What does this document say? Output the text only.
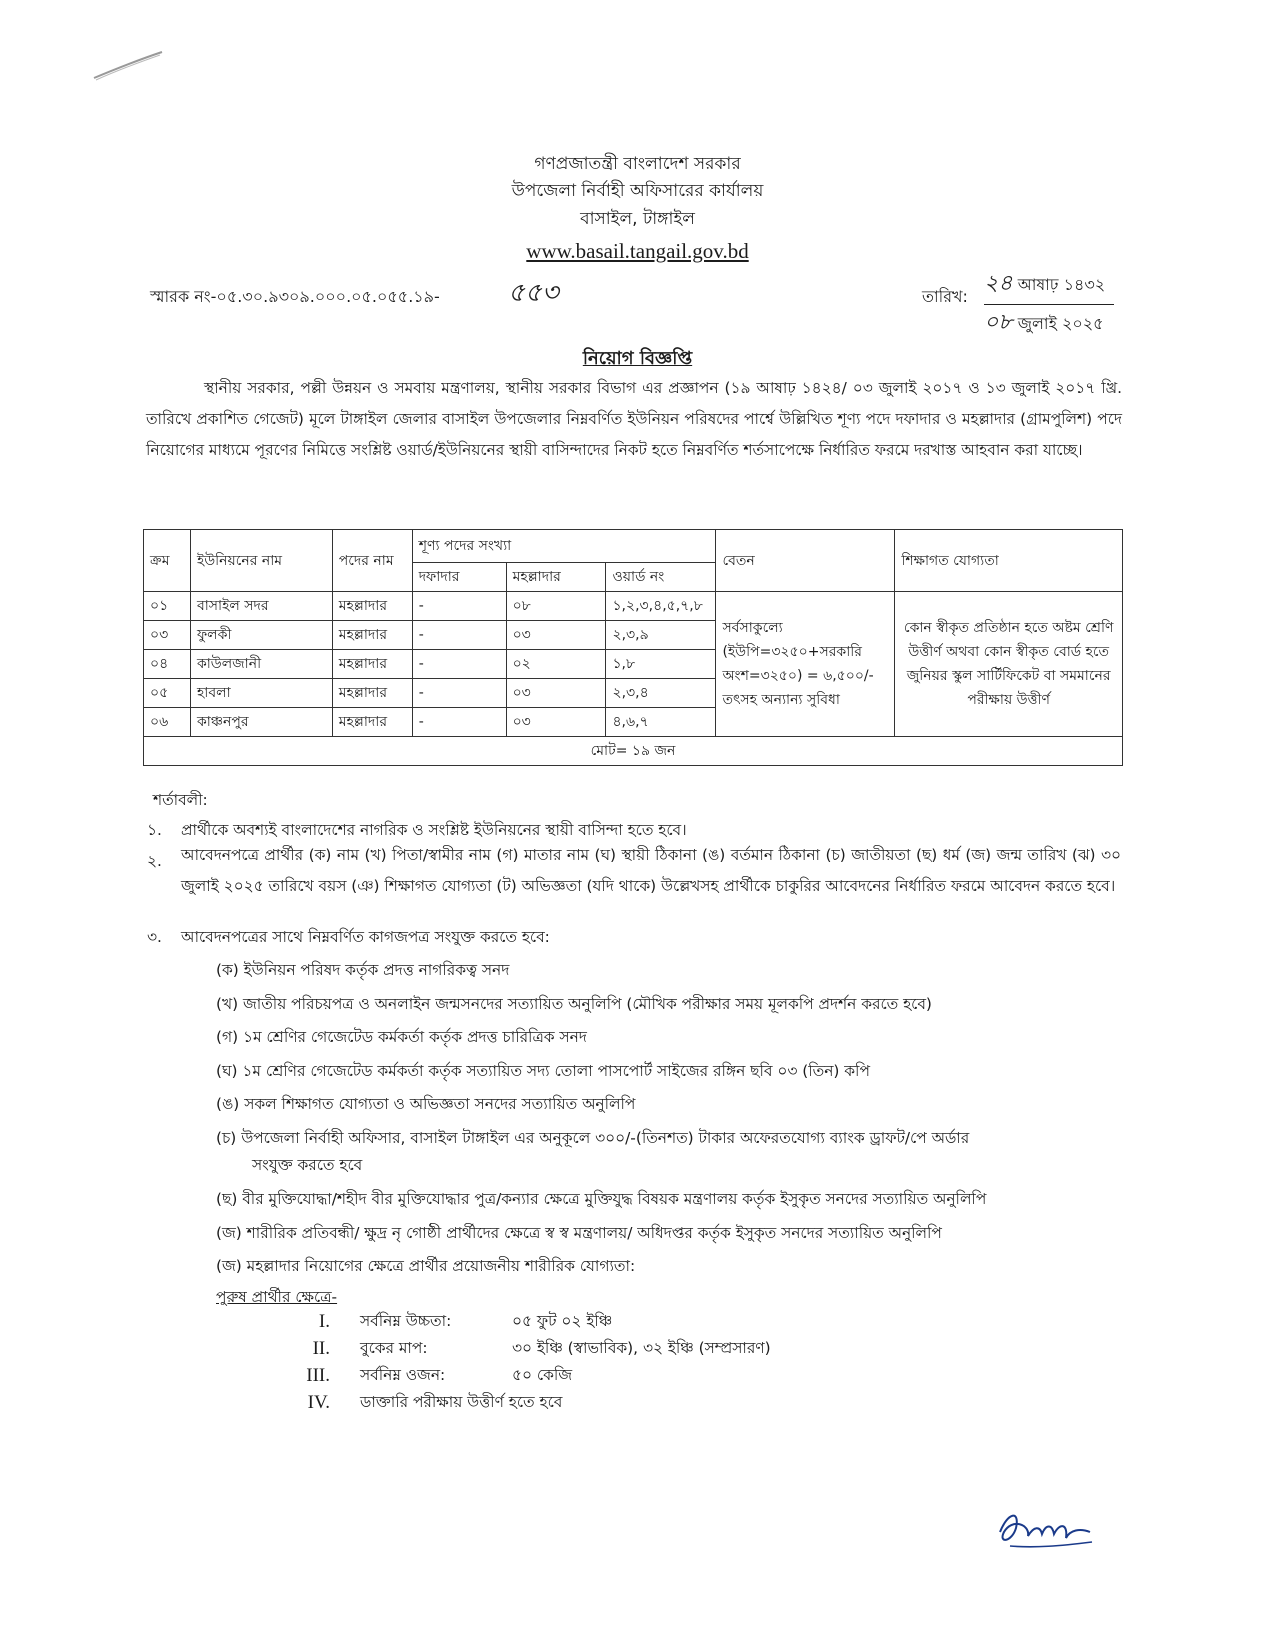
গণপ্রজাতন্ত্রী বাংলাদেশ সরকার
উপজেলা নির্বাহী অফিসারের কার্যালয়
বাসাইল, টাঙ্গাইল
www.basail.tangail.gov.bd
স্মারক নং-০৫.৩০.৯৩০৯.০০০.০৫.০৫৫.১৯-	৫৫৩	তারিখ:
২৪ আষাঢ় ১৪৩২
০৮ জুলাই ২০২৫
নিয়োগ বিজ্ঞপ্তি
স্থানীয় সরকার, পল্লী উন্নয়ন ও সমবায় মন্ত্রণালয়, স্থানীয় সরকার বিভাগ এর প্রজ্ঞাপন (১৯ আষাঢ় ১৪২৪/ ০৩ জুলাই ২০১৭ ও ১৩ জুলাই ২০১৭ খ্রি. তারিখে প্রকাশিত গেজেট) মূলে টাঙ্গাইল জেলার বাসাইল উপজেলার নিম্নবর্ণিত ইউনিয়ন পরিষদের পার্শ্বে উল্লিখিত শূণ্য পদে দফাদার ও মহল্লাদার (গ্রামপুলিশ) পদে নিয়োগের মাধ্যমে পূরণের নিমিত্তে সংশ্লিষ্ট ওয়ার্ড/ইউনিয়নের স্থায়ী বাসিন্দাদের নিকট হতে নিম্নবর্ণিত শর্তসাপেক্ষে নির্ধারিত ফরমে দরখাস্ত আহবান করা যাচ্ছে।
ক্রম	ইউনিয়নের নাম	পদের নাম	শূণ্য পদের সংখ্যা			বেতন	শিক্ষাগত যোগ্যতা
			দফাদার	মহল্লাদার	ওয়ার্ড নং		
০১	বাসাইল সদর	মহল্লাদার	-	০৮	১,২,৩,৪,৫,৭,৮	সর্বসাকুল্যে (ইউপি=৩২৫০+সরকারি অংশ=৩২৫০) = ৬,৫০০/- তৎসহ অন্যান্য সুবিধা	কোন স্বীকৃত প্রতিষ্ঠান হতে অষ্টম শ্রেণি উত্তীর্ণ অথবা কোন স্বীকৃত বোর্ড হতে জুনিয়র স্কুল সার্টিফিকেট বা সমমানের পরীক্ষায় উত্তীর্ণ
০৩	ফুলকী	মহল্লাদার	-	০৩	২,৩,৯		
০৪	কাউলজানী	মহল্লাদার	-	০২	১,৮		
০৫	হাবলা	মহল্লাদার	-	০৩	২,৩,৪		
০৬	কাঞ্চনপুর	মহল্লাদার	-	০৩	৪,৬,৭		
মোট= ১৯ জন							
শর্তাবলী:
১. প্রার্থীকে অবশ্যই বাংলাদেশের নাগরিক ও সংশ্লিষ্ট ইউনিয়নের স্থায়ী বাসিন্দা হতে হবে।
২. আবেদনপত্রে প্রার্থীর (ক) নাম (খ) পিতা/স্বামীর নাম (গ) মাতার নাম (ঘ) স্থায়ী ঠিকানা (ঙ) বর্তমান ঠিকানা (চ) জাতীয়তা (ছ) ধর্ম (জ) জন্ম তারিখ (ঝ) ৩০ জুলাই ২০২৫ তারিখে বয়স (ঞ) শিক্ষাগত যোগ্যতা (ট) অভিজ্ঞতা (যদি থাকে) উল্লেখসহ প্রার্থীকে চাকুরির আবেদনের নির্ধারিত ফরমে আবেদন করতে হবে।
৩. আবেদনপত্রের সাথে নিম্নবর্ণিত কাগজপত্র সংযুক্ত করতে হবে:
(ক) ইউনিয়ন পরিষদ কর্তৃক প্রদত্ত নাগরিকত্ব সনদ
(খ) জাতীয় পরিচয়পত্র ও অনলাইন জন্মসনদের সত্যায়িত অনুলিপি (মৌখিক পরীক্ষার সময় মূলকপি প্রদর্শন করতে হবে)
(গ) ১ম শ্রেণির গেজেটেড কর্মকর্তা কর্তৃক প্রদত্ত চারিত্রিক সনদ
(ঘ) ১ম শ্রেণির গেজেটেড কর্মকর্তা কর্তৃক সত্যায়িত সদ্য তোলা পাসপোর্ট সাইজের রঙ্গিন ছবি ০৩ (তিন) কপি
(ঙ) সকল শিক্ষাগত যোগ্যতা ও অভিজ্ঞতা সনদের সত্যায়িত অনুলিপি
(চ) উপজেলা নির্বাহী অফিসার, বাসাইল টাঙ্গাইল এর অনুকূলে ৩০০/-(তিনশত) টাকার অফেরতযোগ্য ব্যাংক ড্রাফট/পে অর্ডার
সংযুক্ত করতে হবে
(ছ) বীর মুক্তিযোদ্ধা/শহীদ বীর মুক্তিযোদ্ধার পুত্র/কন্যার ক্ষেত্রে মুক্তিযুদ্ধ বিষয়ক মন্ত্রণালয় কর্তৃক ইসুকৃত সনদের সত্যায়িত অনুলিপি
(জ) শারীরিক প্রতিবন্ধী/ ক্ষুদ্র নৃ গোষ্ঠী প্রার্থীদের ক্ষেত্রে স্ব স্ব মন্ত্রণালয়/ অধিদপ্তর কর্তৃক ইসুকৃত সনদের সত্যায়িত অনুলিপি
(জ) মহল্লাদার নিয়োগের ক্ষেত্রে প্রার্থীর প্রয়োজনীয় শারীরিক যোগ্যতা:
পুরুষ প্রার্থীর ক্ষেত্রে-
I. সর্বনিম্ন উচ্চতা:	০৫ ফুট ০২ ইঞ্চি
II. বুকের মাপ:	৩০ ইঞ্চি (স্বাভাবিক), ৩২ ইঞ্চি (সম্প্রসারণ)
III. সর্বনিম্ন ওজন:	৫০ কেজি
IV. ডাক্তারি পরীক্ষায় উত্তীর্ণ হতে হবে
